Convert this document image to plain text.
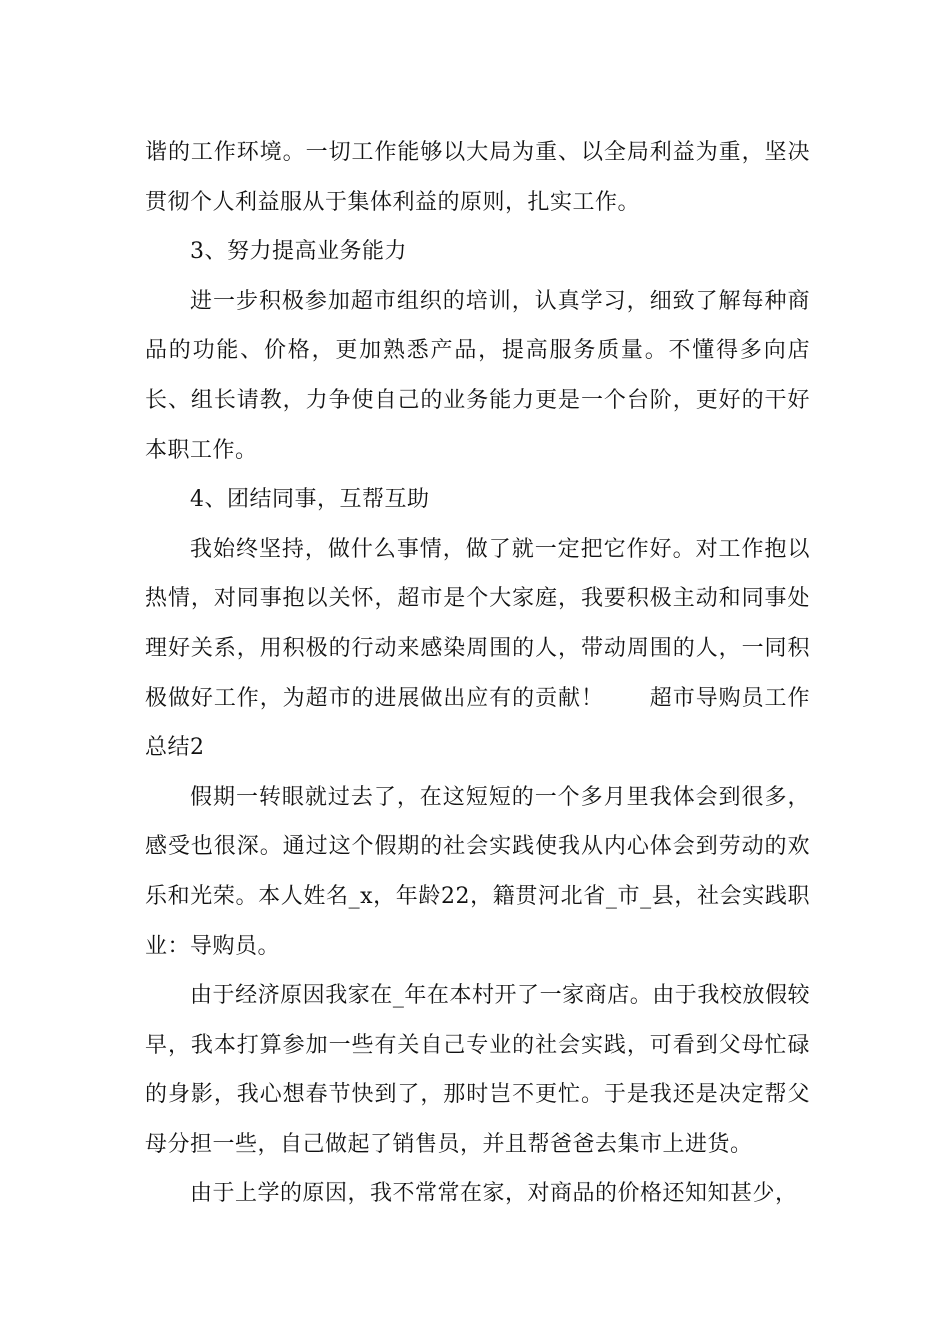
谐的工作环境。一切工作能够以大局为重、以全局利益为重，坚决贯彻个人利益服从于集体利益的原则，扎实工作。

3、努力提高业务能力

进一步积极参加超市组织的培训，认真学习，细致了解每种商品的功能、价格，更加熟悉产品，提高服务质量。不懂得多向店长、组长请教，力争使自己的业务能力更是一个台阶，更好的干好本职工作。

4、团结同事，互帮互助

我始终坚持，做什么事情，做了就一定把它作好。对工作抱以热情，对同事抱以关怀，超市是个大家庭，我要积极主动和同事处理好关系，用积极的行动来感染周围的人，带动周围的人，一同积极做好工作，为超市的进展做出应有的贡献！　　超市导购员工作总结2

假期一转眼就过去了，在这短短的一个多月里我体会到很多，感受也很深。通过这个假期的社会实践使我从内心体会到劳动的欢乐和光荣。本人姓名_x，年龄22，籍贯河北省_市_县，社会实践职业：导购员。

由于经济原因我家在_年在本村开了一家商店。由于我校放假较早，我本打算参加一些有关自己专业的社会实践，可看到父母忙碌的身影，我心想春节快到了，那时岂不更忙。于是我还是决定帮父母分担一些，自己做起了销售员，并且帮爸爸去集市上进货。

由于上学的原因，我不常常在家，对商品的价格还知知甚少，
